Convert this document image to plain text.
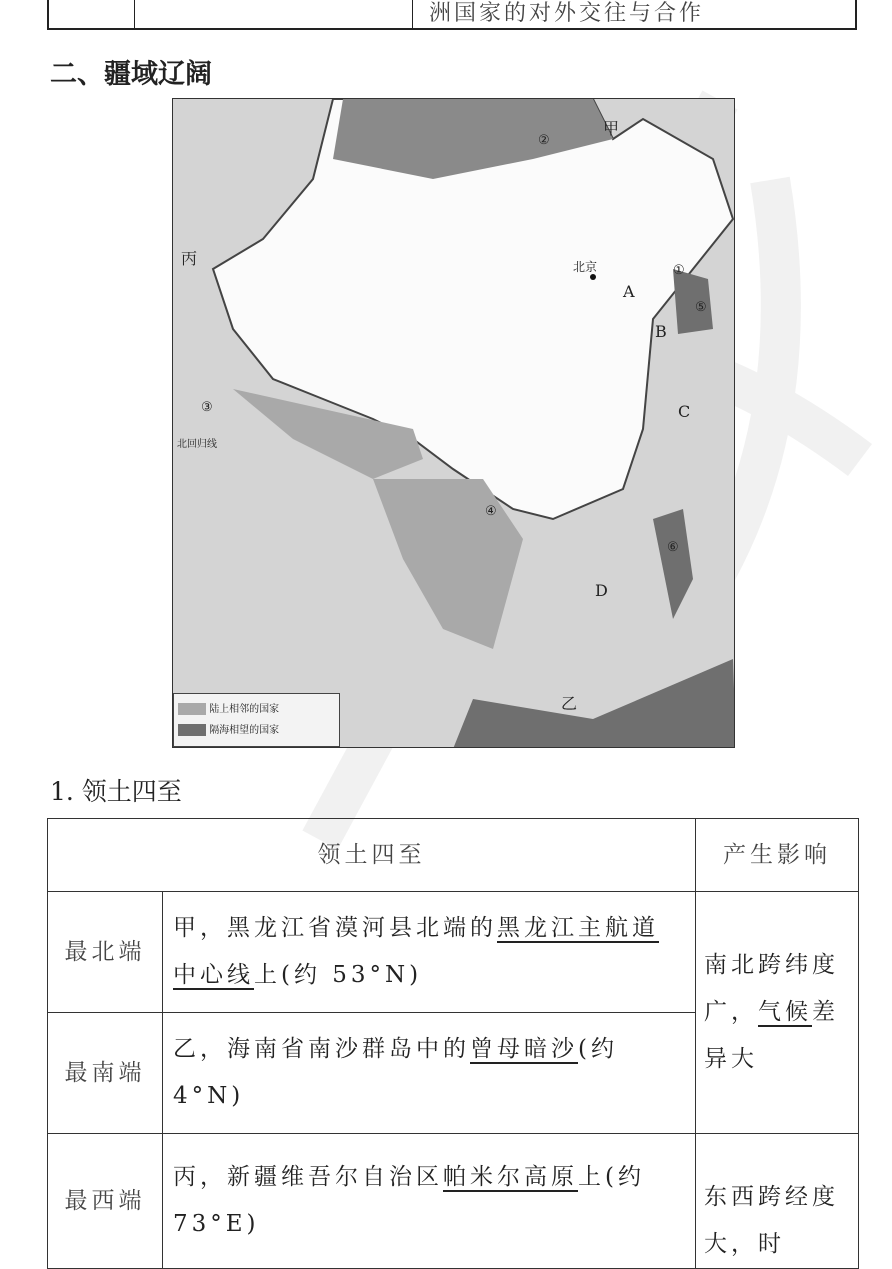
洲国家的对外交往与合作
二、疆域辽阔
甲
乙
丙	北京
A
B
C
D
①
②
③
④
⑤
⑥
北回归线
陆上相邻的国家
隔海相望的国家
1. 领土四至
领土四至		产生影响
最北端	甲，黑龙江省漠河县北端的黑龙江主航道中心线上(约 53°N)	南北跨纬度广，气候差异大
最南端	乙，海南省南沙群岛中的曾母暗沙(约 4°N)	
最西端	丙，新疆维吾尔自治区帕米尔高原上(约 73°E)	东西跨经度大，时
